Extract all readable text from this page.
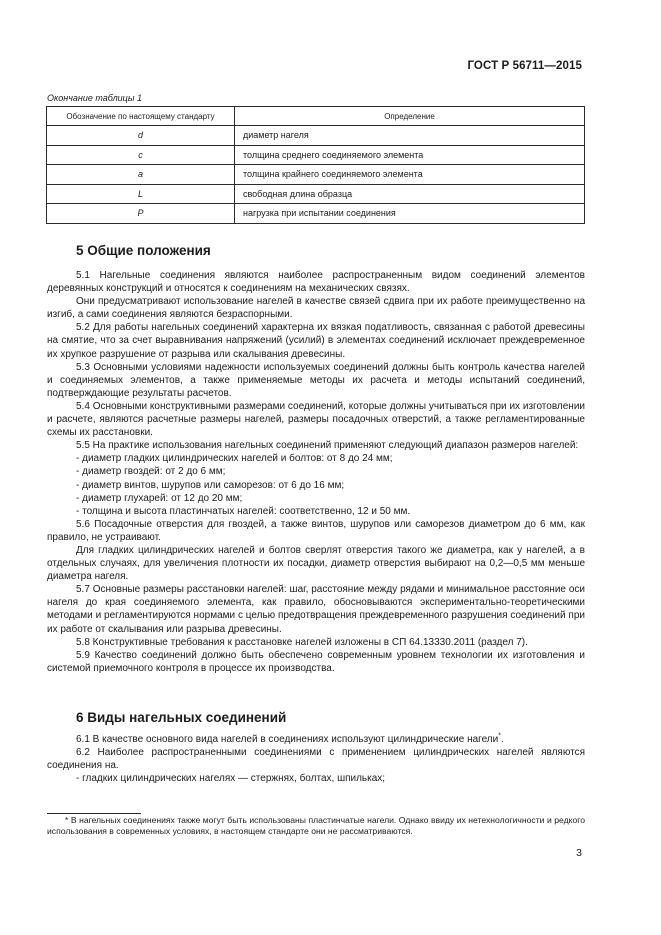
ГОСТ Р 56711—2015
Окончание таблицы 1
Обозначение по настоящему стандарту	Определение
d	диаметр нагеля
c	толщина среднего соединяемого элемента
a	толщина крайнего соединяемого элемента
L	свободная длина образца
P	нагрузка при испытании соединения
5 Общие положения

5.1 Нагельные соединения являются наиболее распространенным видом соединений элементов деревянных конструкций и относятся к соединениям на механических связях.

Они предусматривают использование нагелей в качестве связей сдвига при их работе преимущественно на изгиб, а сами соединения являются безраспорными.

5.2 Для работы нагельных соединений характерна их вязкая податливость, связанная с работой древесины на смятие, что за счет выравнивания напряжений (усилий) в элементах соединений исключает преждевременное их хрупкое разрушение от разрыва или скалывания древесины.

5.3 Основными условиями надежности используемых соединений должны быть контроль качества нагелей и соединяемых элементов, а также применяемые методы их расчета и методы испытаний соединений, подтверждающие результаты расчетов.

5.4 Основными конструктивными размерами соединений, которые должны учитываться при их изготовлении и расчете, являются расчетные размеры нагелей, размеры посадочных отверстий, а также регламентированные схемы их расстановки.

5.5 На практике использования нагельных соединений применяют следующий диапазон размеров нагелей:

- диаметр гладких цилиндрических нагелей и болтов: от 8 до 24 мм;

- диаметр гвоздей: от 2 до 6 мм;

- диаметр винтов, шурупов или саморезов: от 6 до 16 мм;

- диаметр глухарей: от 12 до 20 мм;

- толщина и высота пластинчатых нагелей: соответственно, 12 и 50 мм.

5.6 Посадочные отверстия для гвоздей, а также винтов, шурупов или саморезов диаметром до 6 мм, как правило, не устраивают.

Для гладких цилиндрических нагелей и болтов сверлят отверстия такого же диаметра, как у нагелей, а в отдельных случаях, для увеличения плотности их посадки, диаметр отверстия выбирают на 0,2—0,5 мм меньше диаметра нагеля.

5.7 Основные размеры расстановки нагелей: шаг, расстояние между рядами и минимальное расстояние оси нагеля до края соединяемого элемента, как правило, обосновываются экспериментально-теоретическими методами и регламентируются нормами с целью предотвращения преждевременного разрушения соединений при их работе от скалывания или разрыва древесины.

5.8 Конструктивные требования к расстановке нагелей изложены в СП 64.13330.2011 (раздел 7).

5.9 Качество соединений должно быть обеспечено современным уровнем технологии их изготовления и системой приемочного контроля в процессе их производства.

6 Виды нагельных соединений

6.1 В качестве основного вида нагелей в соединениях используют цилиндрические нагели*.

6.2 Наиболее распространенными соединениями с применением цилиндрических нагелей являются соединения на.

- гладких цилиндрических нагелях — стержнях, болтах, шпильках;

* В нагельных соединениях также могут быть использованы пластинчатые нагели. Однако ввиду их нетехнологичности и редкого использования в современных условиях, в настоящем стандарте они не рассматриваются.
3
